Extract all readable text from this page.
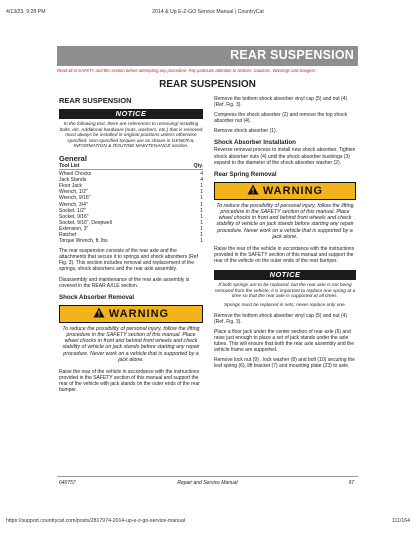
4/13/23, 9:28 PM	2014 & Up E-Z-GO Service Manual | CountryCat
REAR SUSPENSION
Read all of SAFETY and this section before attempting any procedure. Pay particular attention to Notices, Cautions, Warnings and Dangers.
REAR SUSPENSION
REAR SUSPENSION
NOTICE
In the following text, there are references to removing/ installing bolts, etc. Additional hardware (nuts, washers, etc.) that is removed must always be installed in original positions unless otherwise specified. Non-specified torques are as shown in GENERAL INFORMATION & ROUTINE MAINTENANCE section.
General
Tool List	Qty.
Wheel Chocks	4
Jack Stands	4
Floor Jack	1
Wrench, 1/2"	1
Wrench, 9/16"	1
Wrench, 3/4"	1
Socket, 1/2"	1
Socket, 9/16"	1
Socket, 9/16", Deepwell	1
Extension, 3"	1
Ratchet	1
Torque Wrench, ft. lbs	1
The rear suspension consists of the rear axle and the attachments that secure it to springs and shock absorbers (Ref Fig. 3). This section includes removal and replacement of the springs, shock absorbers and the rear axle assembly.
Disassembly and maintenance of the rear axle assembly is covered in the REAR AXLE section.
Shock Absorber Removal
WARNING
To reduce the possibility of personal injury, follow the lifting procedure in the SAFETY section of this manual. Place wheel chocks in front and behind front wheels and check stability of vehicle on jack stands before starting any repair procedure. Never work on a vehicle that is supported by a jack alone.
Raise the rear of the vehicle in accordance with the instructions provided in the SAFETY section of this manual and support the rear of the vehicle with jack stands on the outer ends of the rear bumper.
Remove the bottom shock absorber vinyl cap (5) and nut (4) (Ref. Fig. 3).
Compress the shock absorber (2) and remove the top shock absorber nut (4).
Remove shock absorber (1).
Shock Absorber Installation
Reverse removal process to install new shock absorber. Tighten shock absorber nuts (4) until the shock absorber bushings (3) expand to the diameter of the shock absorber washer (2).
Rear Spring Removal
WARNING
To reduce the possibility of personal injury, follow the lifting procedure in the SAFETY section of this manual. Place wheel chocks in front and behind front wheels and check stability of vehicle on jack stands before starting any repair procedure. Never work on a vehicle that is supported by a jack alone.
Raise the rear of the vehicle in accordance with the instructions provided in the SAFETY section of this manual and support the rear of the vehicle on the outer ends of the rear bumper.
NOTICE
If both springs are to be replaced, but the rear axle is not being removed from the vehicle, it is important to replace one spring at a time so that the rear axle is supported at all times.
Springs must be replaced in sets; never replace only one.
Remove the bottom shock absorber vinyl cap (5) and nut (4) (Ref. Fig. 3).
Place a floor jack under the center section of rear axle (6) and raise just enough to place a set of jack stands under the axle tubes. This will ensure that both the rear axle assembly and the vehicle frame are supported.
Remove lock nut (9) , lock washer (8) and bolt (10) securing the leaf spring (6), lift bracket (7) and mounting plate (23) to axle.
640757	Repair and Service Manual	97
https://support.countrycat.com/posts/2817974-2014-up-e-z-go-service-manual	111/164
